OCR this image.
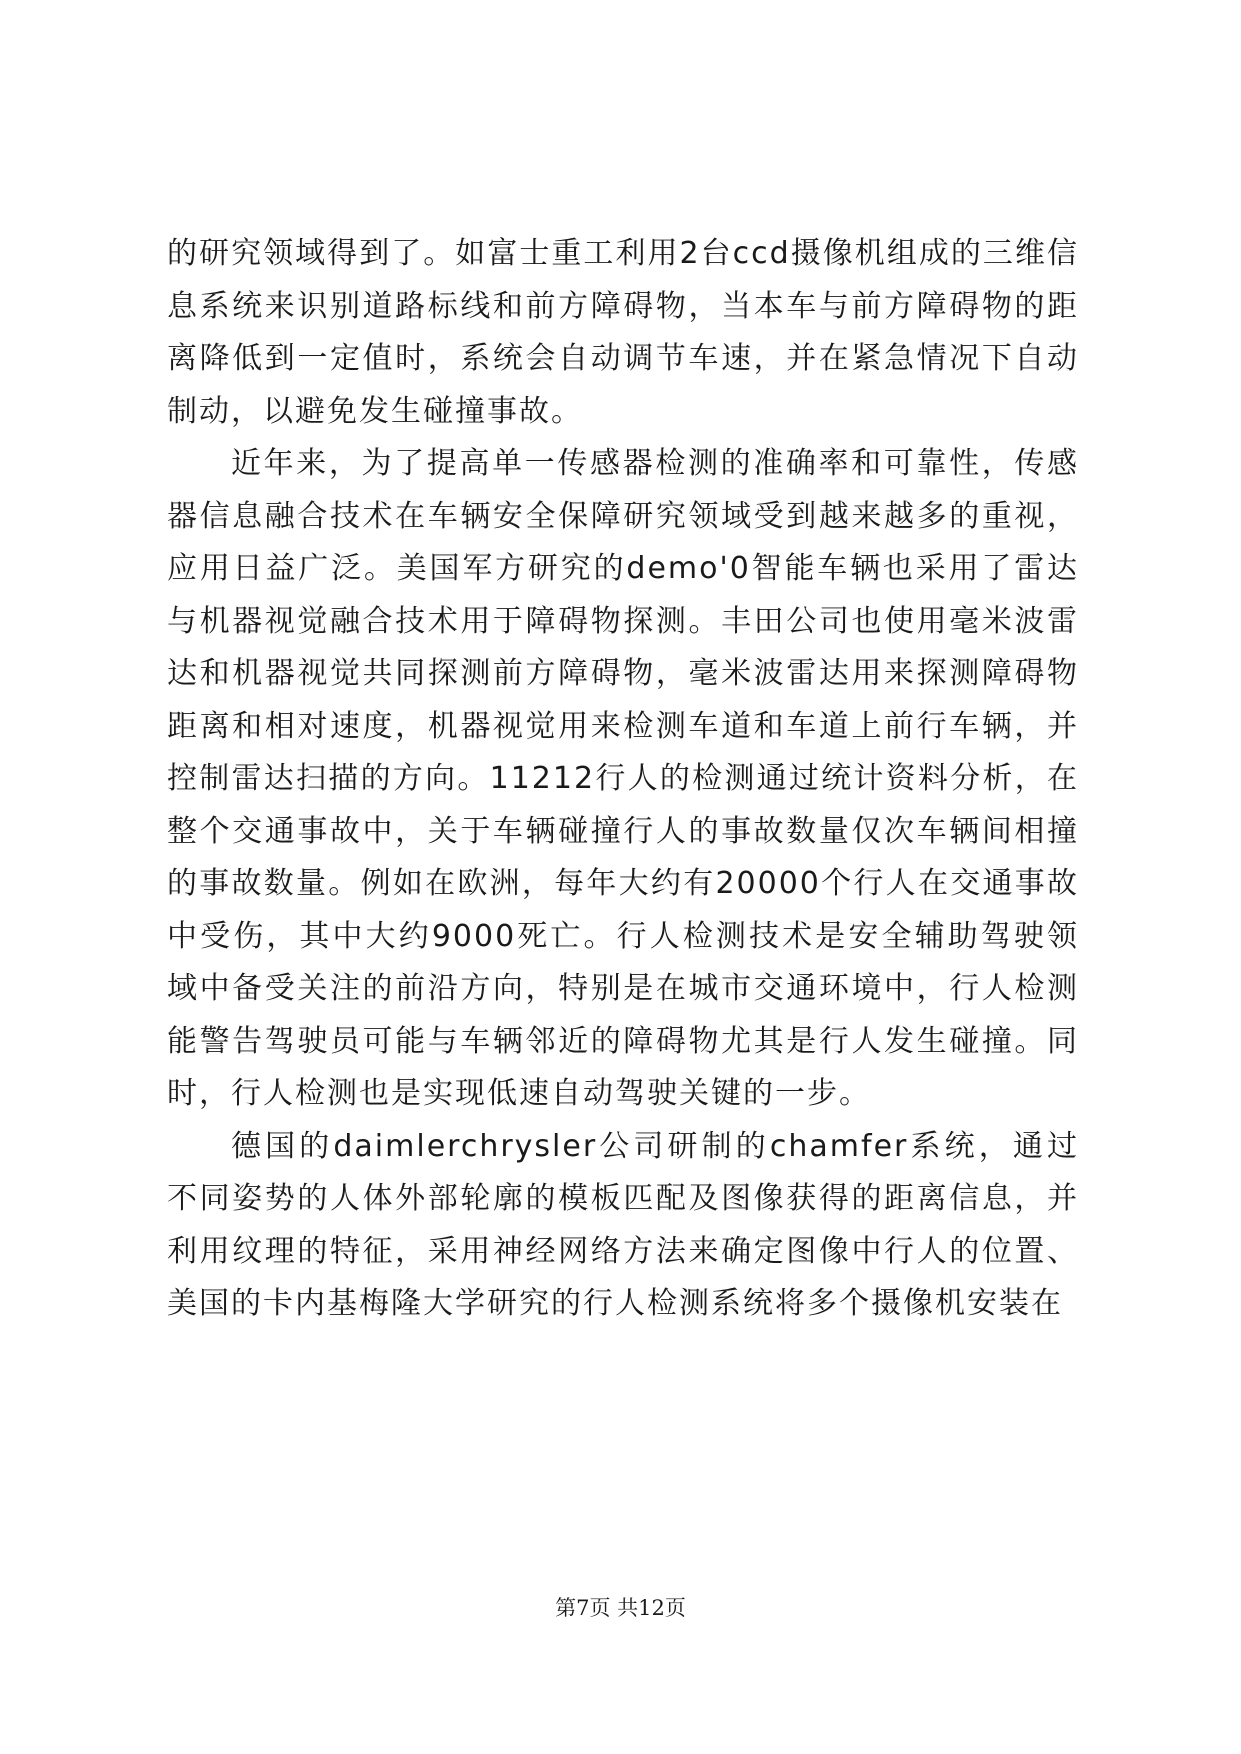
的研究领域得到了。如富士重工利用2台ccd摄像机组成的三维信息系统来识别道路标线和前方障碍物，当本车与前方障碍物的距离降低到一定值时，系统会自动调节车速，并在紧急情况下自动制动，以避免发生碰撞事故。

近年来，为了提高单一传感器检测的准确率和可靠性，传感器信息融合技术在车辆安全保障研究领域受到越来越多的重视，应用日益广泛。美国军方研究的demo'0智能车辆也采用了雷达与机器视觉融合技术用于障碍物探测。丰田公司也使用毫米波雷达和机器视觉共同探测前方障碍物，毫米波雷达用来探测障碍物距离和相对速度，机器视觉用来检测车道和车道上前行车辆，并控制雷达扫描的方向。11212行人的检测通过统计资料分析，在整个交通事故中，关于车辆碰撞行人的事故数量仅次车辆间相撞的事故数量。例如在欧洲，每年大约有20000个行人在交通事故中受伤，其中大约9000死亡。行人检测技术是安全辅助驾驶领域中备受关注的前沿方向，特别是在城市交通环境中，行人检测能警告驾驶员可能与车辆邻近的障碍物尤其是行人发生碰撞。同时，行人检测也是实现低速自动驾驶关键的一步。

德国的daimlerchrysler公司研制的chamfer系统，通过不同姿势的人体外部轮廓的模板匹配及图像获得的距离信息，并利用纹理的特征，采用神经网络方法来确定图像中行人的位置、美国的卡内基梅隆大学研究的行人检测系统将多个摄像机安装在

第7页 共12页
